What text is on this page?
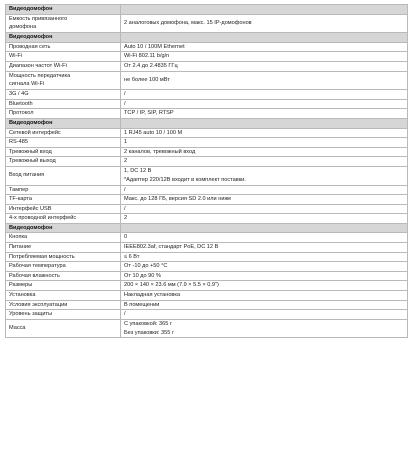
Видеодомофон	

Емкость привязанного
домофона	2 аналоговых домофона, макс. 15 IP-домофонов

Видеодомофон	

Проводная сеть	Auto 10 / 100M Ethernet

Wi-Fi	Wi-Fi 802.11 b/g/n

Диапазон частот Wi-Fi	От 2.4 до 2.4835 ГГц

Мощность передатчика
сигнала Wi-Fi	не более 100 мВт

3G / 4G	/

Bluetooth	/

Протокол	TCP / IP, SIP, RTSP

Видеодомофон	

Сетевой интерфейс	1 RJ45 auto 10 / 100 M

RS-485	1

Тревожный вход	2 каналов, тревожный вход

Тревожный выход	2

Вход питания	1, DC 12 В
*Адаптер 220/12В входит в комплект поставки.

Тампер	/

TF-карта	Макс. до 128 ГБ, версия SD 2.0 или ниже

Интерфейс USB	/

4-х проводной интерфейс	2

Видеодомофон	

Кнопка	0

Питание	IEEE802.3af, стандарт PoE, DC 12 В

Потребляемая мощность	≤ 6 Вт

Рабочая температура	От -10 до +50 °C

Рабочая влажность	От 10 до 90 %

Размеры	200 × 140 × 23.6 мм (7.9 × 5.5 × 0.9")

Установка	Накладная установка

Условия эксплуатации	В помещении

Уровень защиты	/

Масса	С упаковкой: 365 г
Без упаковки: 355 г
